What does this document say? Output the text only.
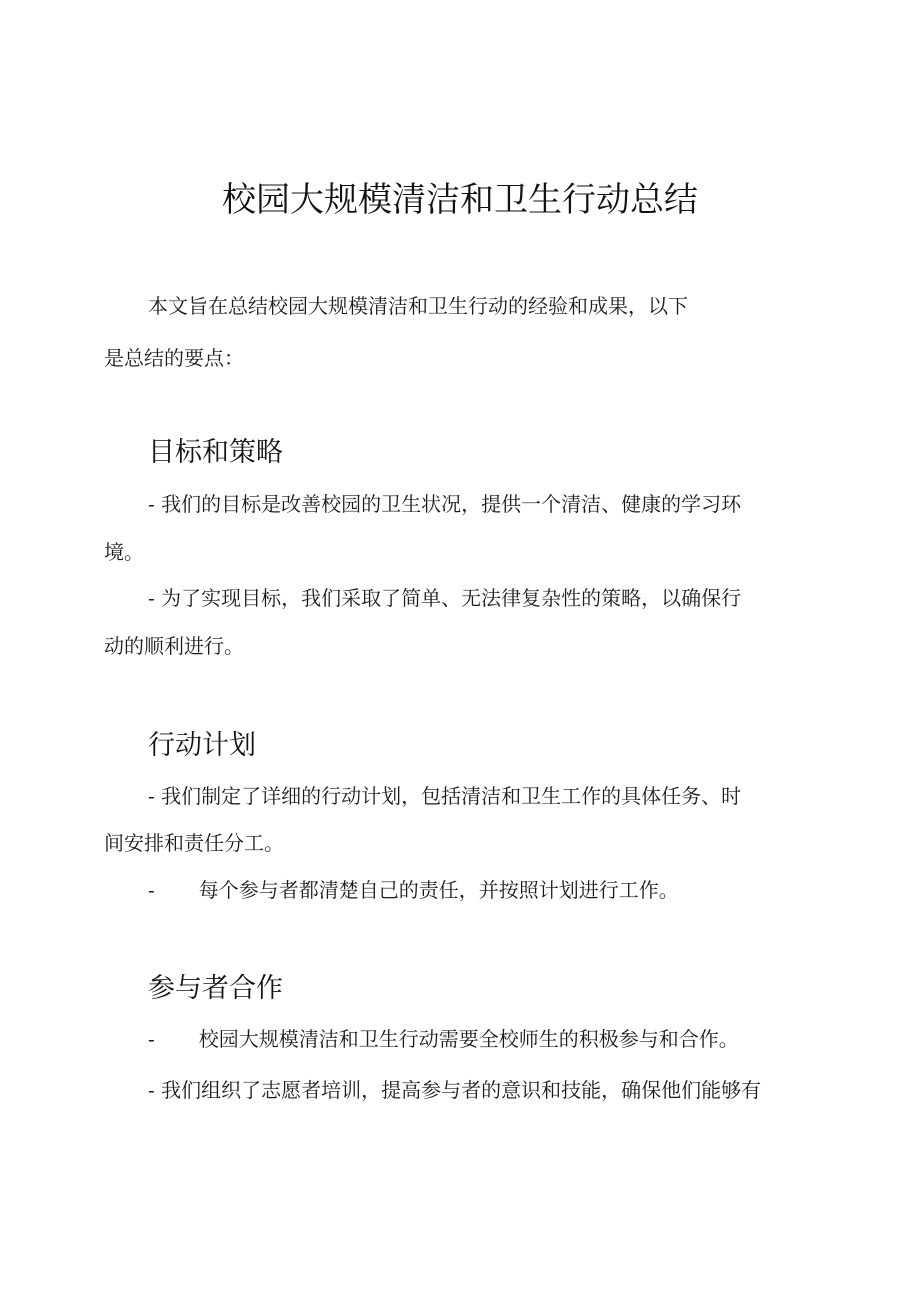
校园大规模清洁和卫生行动总结
本文旨在总结校园大规模清洁和卫生行动的经验和成果，以下
是总结的要点：
目标和策略
- 我们的目标是改善校园的卫生状况，提供一个清洁、健康的学习环
境。
- 为了实现目标，我们采取了简单、无法律复杂性的策略，以确保行
动的顺利进行。
行动计划
- 我们制定了详细的行动计划，包括清洁和卫生工作的具体任务、时
间安排和责任分工。
- 每个参与者都清楚自己的责任，并按照计划进行工作。
参与者合作
- 校园大规模清洁和卫生行动需要全校师生的积极参与和合作。
- 我们组织了志愿者培训，提高参与者的意识和技能，确保他们能够有
